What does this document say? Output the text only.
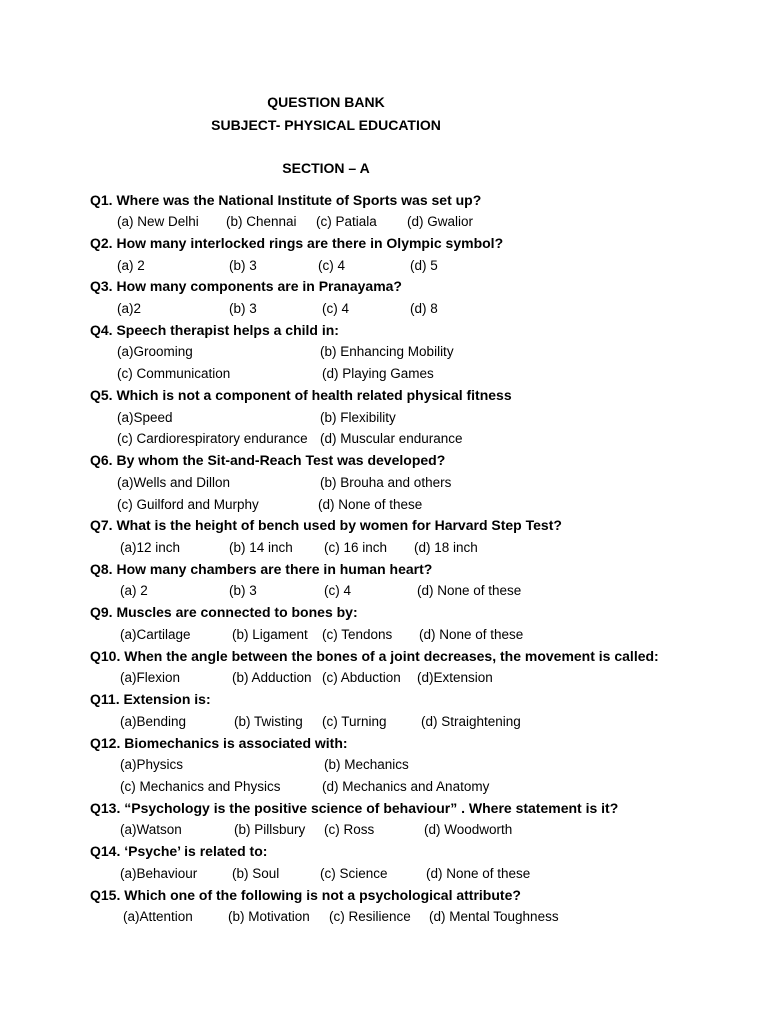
QUESTION BANK
SUBJECT- PHYSICAL EDUCATION
SECTION – A
Q1. Where was the National Institute of Sports was set up?
(a) New Delhi (b) Chennai (c) Patiala (d) Gwalior
Q2. How many interlocked rings are there in Olympic symbol?
(a) 2	(b) 3	(c) 4	(d) 5
Q3. How many components are in Pranayama?
(a)2	(b) 3	(c) 4	(d) 8
Q4. Speech therapist helps a child in:
(a)Grooming	(b) Enhancing Mobility
(c) Communication	(d) Playing Games
Q5. Which is not a component of health related physical fitness
(a)Speed	(b) Flexibility
(c) Cardiorespiratory endurance (d) Muscular endurance
Q6. By whom the Sit-and-Reach Test was developed?
(a)Wells and Dillon	(b) Brouha and others
(c) Guilford and Murphy	(d) None of these
Q7. What is the height of bench used by women for Harvard Step Test?
(a)12 inch	(b) 14 inch (c) 16 inch (d) 18 inch
Q8. How many chambers are there in human heart?
(a) 2	(b) 3	(c) 4	(d) None of these
Q9. Muscles are connected to bones by:
(a)Cartilage	(b) Ligament (c) Tendons (d) None of these
Q10. When the angle between the bones of a joint decreases, the movement is called:
(a)Flexion	(b) Adduction (c) Abduction (d)Extension
Q11. Extension is:
(a)Bending	(b) Twisting (c) Turning	(d) Straightening
Q12. Biomechanics is associated with:
(a)Physics	(b) Mechanics
(c) Mechanics and Physics	(d) Mechanics and Anatomy
Q13. “Psychology is the positive science of behaviour” . Where statement is it?
(a)Watson	(b) Pillsbury (c) Ross	(d) Woodworth
Q14. ‘Psyche’ is related to:
(a)Behaviour	(b) Soul	(c) Science	(d) None of these
Q15. Which one of the following is not a psychological attribute?
(a)Attention	(b) Motivation (c) Resilience (d) Mental Toughness
